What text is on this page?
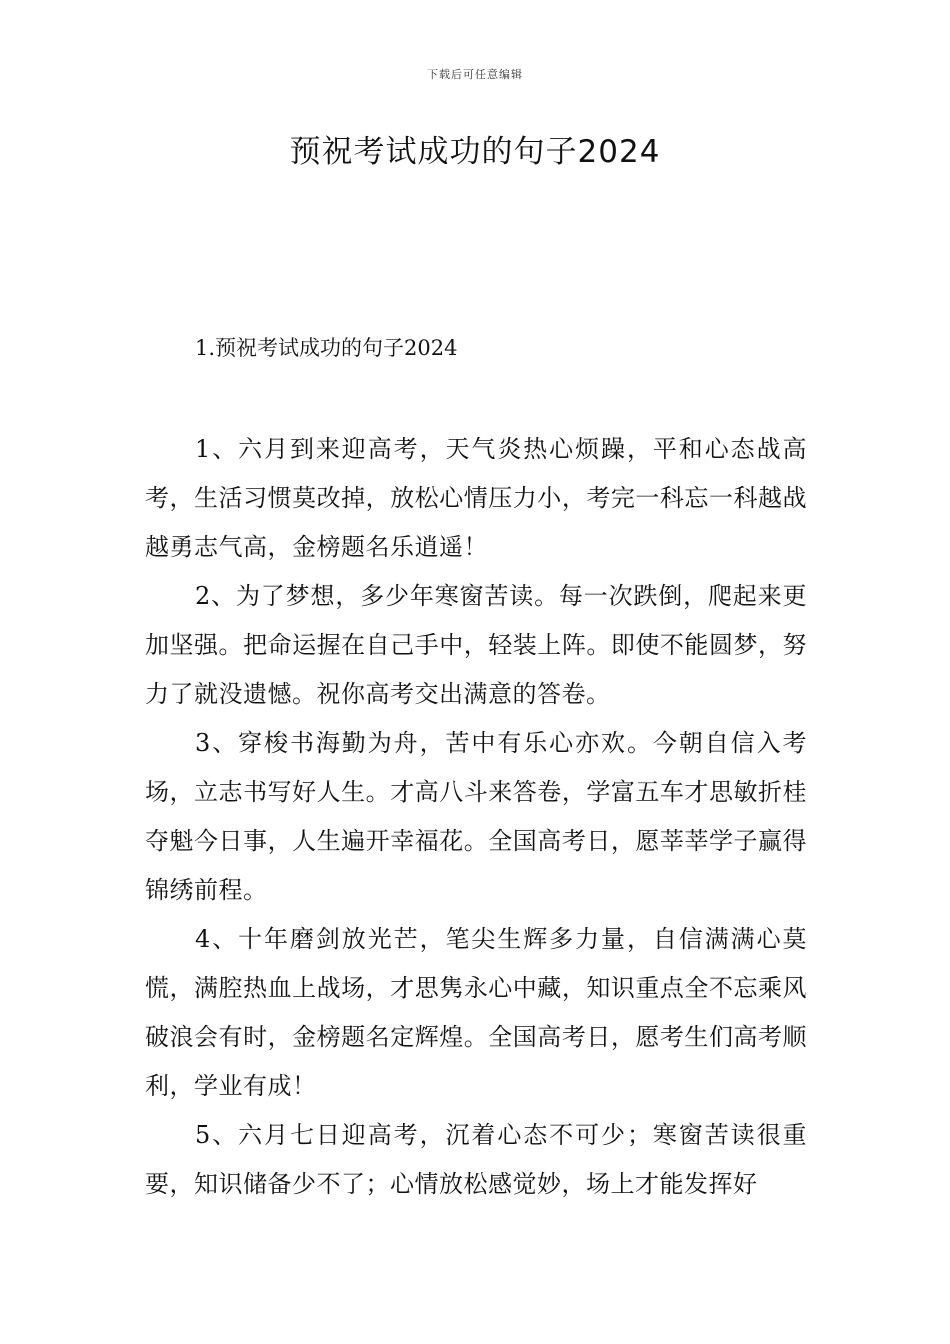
下载后可任意编辑
预祝考试成功的句子2024
1.预祝考试成功的句子2024

1、六月到来迎高考，天气炎热心烦躁，平和心态战高考，生活习惯莫改掉，放松心情压力小，考完一科忘一科越战越勇志气高，金榜题名乐逍遥！

2、为了梦想，多少年寒窗苦读。每一次跌倒，爬起来更加坚强。把命运握在自己手中，轻装上阵。即使不能圆梦，努力了就没遗憾。祝你高考交出满意的答卷。

3、穿梭书海勤为舟，苦中有乐心亦欢。今朝自信入考场，立志书写好人生。才高八斗来答卷，学富五车才思敏折桂夺魁今日事，人生遍开幸福花。全国高考日，愿莘莘学子赢得锦绣前程。

4、十年磨剑放光芒，笔尖生辉多力量，自信满满心莫慌，满腔热血上战场，才思隽永心中藏，知识重点全不忘乘风破浪会有时，金榜题名定辉煌。全国高考日，愿考生们高考顺利，学业有成！

5、六月七日迎高考，沉着心态不可少；寒窗苦读很重要，知识储备少不了；心情放松感觉妙，场上才能发挥好
